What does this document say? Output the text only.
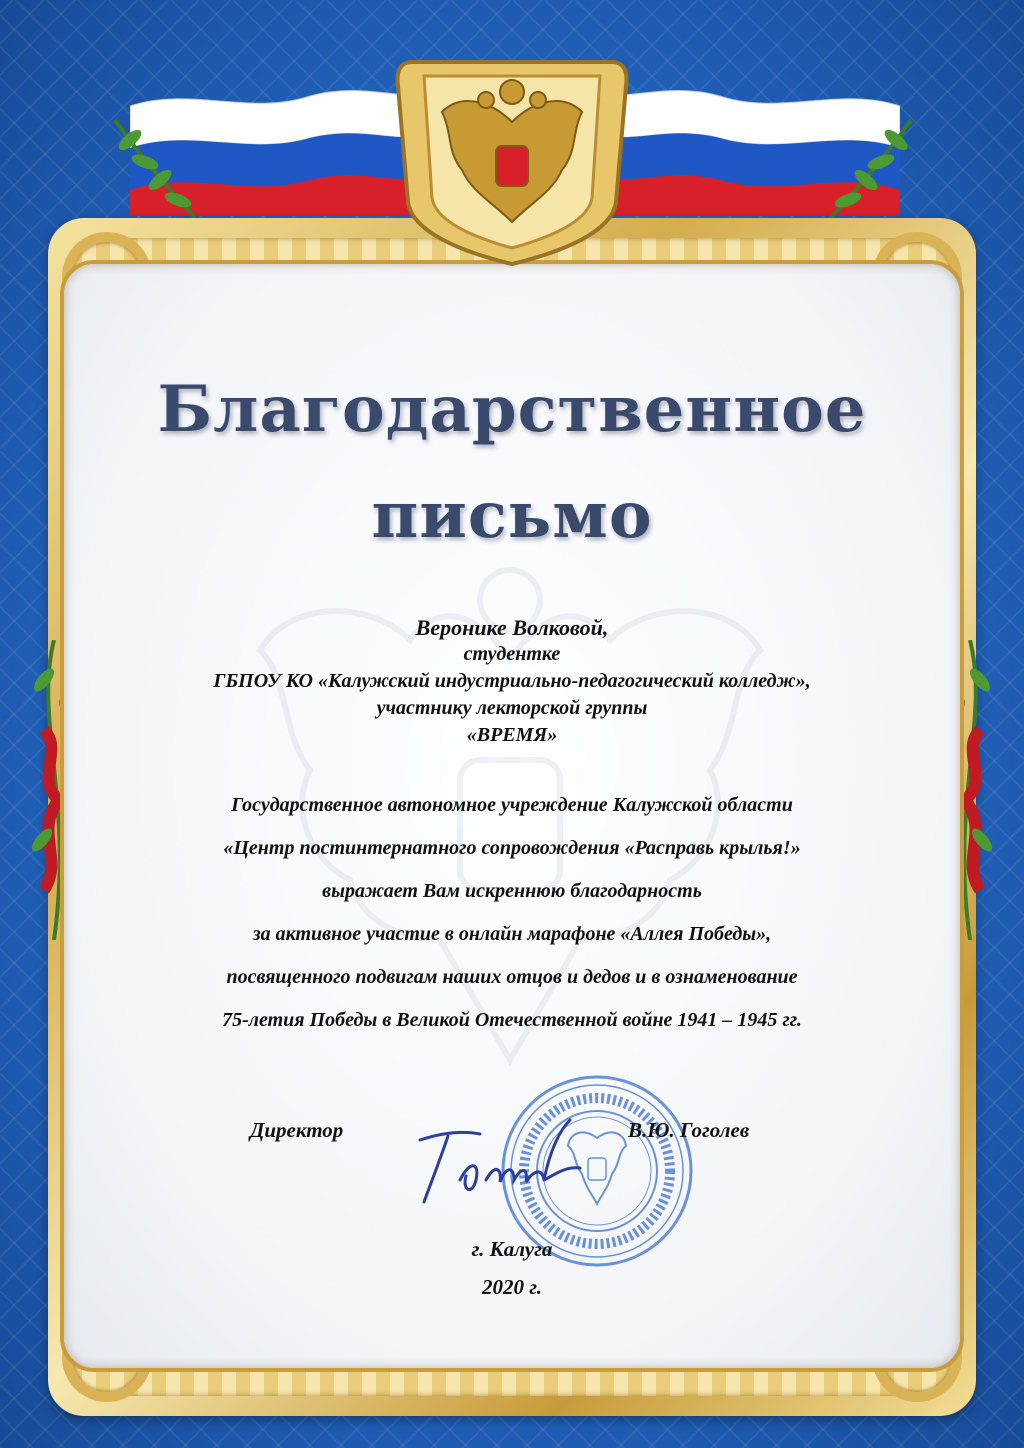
Благодарственное
письмо
Веронике Волковой,
студентке
ГБПОУ КО «Калужский индустриально-педагогический колледж»,
участнику лекторской группы
«ВРЕМЯ»
Государственное автономное учреждение Калужской области
«Центр постинтернатного сопровождения «Расправь крылья!»
выражает Вам искреннюю благодарность
за активное участие в онлайн марафоне «Аллея Победы»,
посвященного подвигам наших отцов и дедов и в ознаменование
75-летия Победы в Великой Отечественной войне 1941 – 1945 гг.
Директор	В.Ю. Гоголев
г. Калуга
2020 г.
